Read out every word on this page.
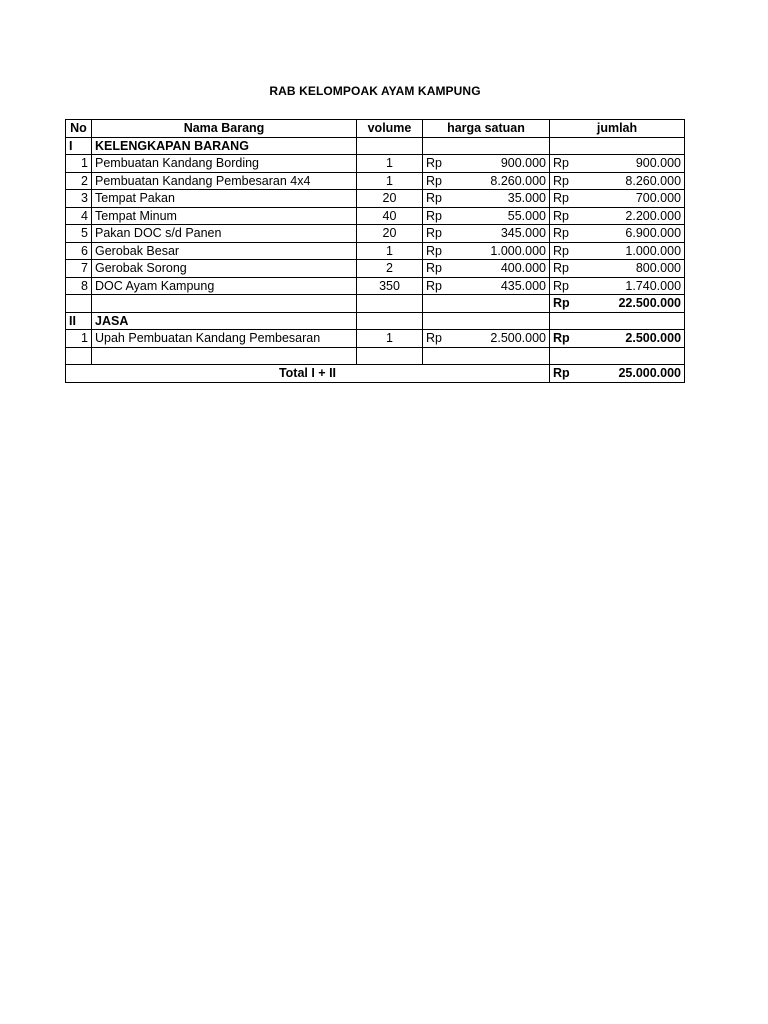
RAB KELOMPOAK AYAM KAMPUNG
No	Nama Barang	volume	harga satuan		jumlah	
I	KELENGKAPAN BARANG					
1	Pembuatan Kandang Bording	1	Rp	900.000	Rp	900.000
2	Pembuatan Kandang Pembesaran 4x4	1	Rp	8.260.000	Rp	8.260.000
3	Tempat Pakan	20	Rp	35.000	Rp	700.000
4	Tempat Minum	40	Rp	55.000	Rp	2.200.000
5	Pakan DOC s/d Panen	20	Rp	345.000	Rp	6.900.000
6	Gerobak Besar	1	Rp	1.000.000	Rp	1.000.000
7	Gerobak Sorong	2	Rp	400.000	Rp	800.000
8	DOC Ayam Kampung	350	Rp	435.000	Rp	1.740.000
					Rp	22.500.000
II	JASA					
1	Upah Pembuatan Kandang Pembesaran	1	Rp	2.500.000	Rp	2.500.000

Total I + II					Rp	25.000.000
